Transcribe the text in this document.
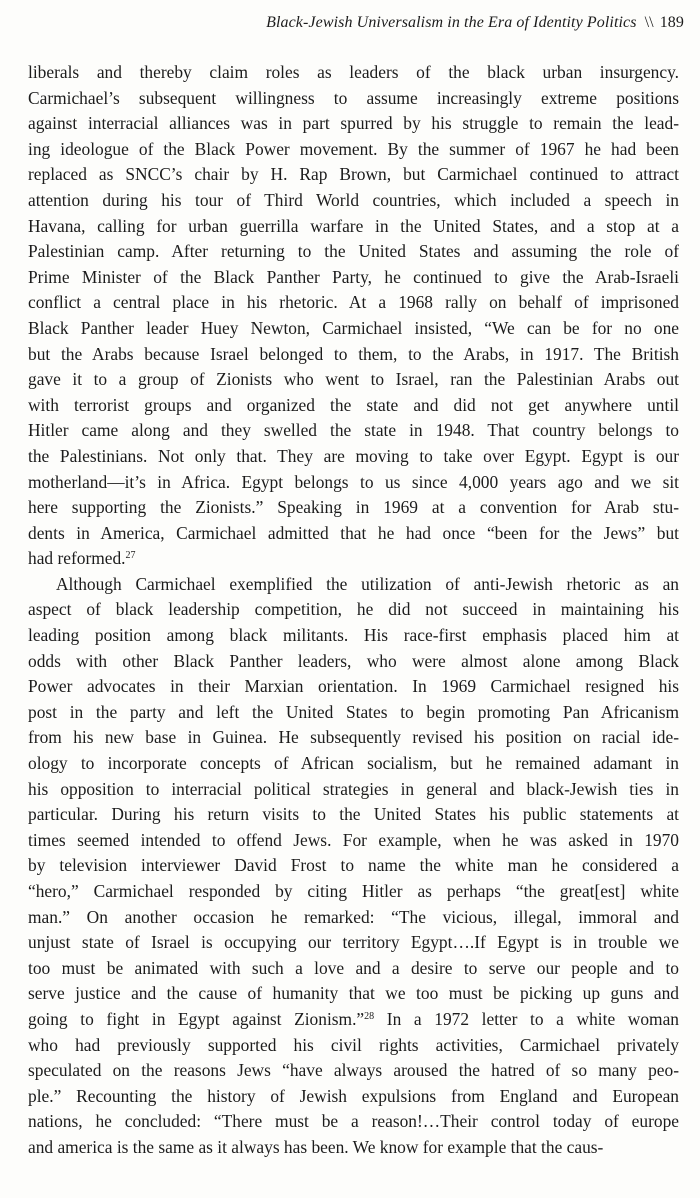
Black-Jewish Universalism in the Era of Identity Politics \\ 189
liberals and thereby claim roles as leaders of the black urban insurgency.
Carmichael’s subsequent willingness to assume increasingly extreme positions
against interracial alliances was in part spurred by his struggle to remain the lead-
ing ideologue of the Black Power movement. By the summer of 1967 he had been
replaced as SNCC’s chair by H. Rap Brown, but Carmichael continued to attract
attention during his tour of Third World countries, which included a speech in
Havana, calling for urban guerrilla warfare in the United States, and a stop at a
Palestinian camp. After returning to the United States and assuming the role of
Prime Minister of the Black Panther Party, he continued to give the Arab-Israeli
conflict a central place in his rhetoric. At a 1968 rally on behalf of imprisoned
Black Panther leader Huey Newton, Carmichael insisted, “We can be for no one
but the Arabs because Israel belonged to them, to the Arabs, in 1917. The British
gave it to a group of Zionists who went to Israel, ran the Palestinian Arabs out
with terrorist groups and organized the state and did not get anywhere until
Hitler came along and they swelled the state in 1948. That country belongs to
the Palestinians. Not only that. They are moving to take over Egypt. Egypt is our
motherland—it’s in Africa. Egypt belongs to us since 4,000 years ago and we sit
here supporting the Zionists.” Speaking in 1969 at a convention for Arab stu-
dents in America, Carmichael admitted that he had once “been for the Jews” but
had reformed.$^{27}$
Although Carmichael exemplified the utilization of anti-Jewish rhetoric as an
aspect of black leadership competition, he did not succeed in maintaining his
leading position among black militants. His race-first emphasis placed him at
odds with other Black Panther leaders, who were almost alone among Black
Power advocates in their Marxian orientation. In 1969 Carmichael resigned his
post in the party and left the United States to begin promoting Pan Africanism
from his new base in Guinea. He subsequently revised his position on racial ide-
ology to incorporate concepts of African socialism, but he remained adamant in
his opposition to interracial political strategies in general and black-Jewish ties in
particular. During his return visits to the United States his public statements at
times seemed intended to offend Jews. For example, when he was asked in 1970
by television interviewer David Frost to name the white man he considered a
“hero,” Carmichael responded by citing Hitler as perhaps “the great[est] white
man.” On another occasion he remarked: “The vicious, illegal, immoral and
unjust state of Israel is occupying our territory Egypt….If Egypt is in trouble we
too must be animated with such a love and a desire to serve our people and to
serve justice and the cause of humanity that we too must be picking up guns and
going to fight in Egypt against Zionism.”$^{28}$ In a 1972 letter to a white woman
who had previously supported his civil rights activities, Carmichael privately
speculated on the reasons Jews “have always aroused the hatred of so many peo-
ple.” Recounting the history of Jewish expulsions from England and European
nations, he concluded: “There must be a reason!…Their control today of europe
and america is the same as it always has been. We know for example that the caus-
